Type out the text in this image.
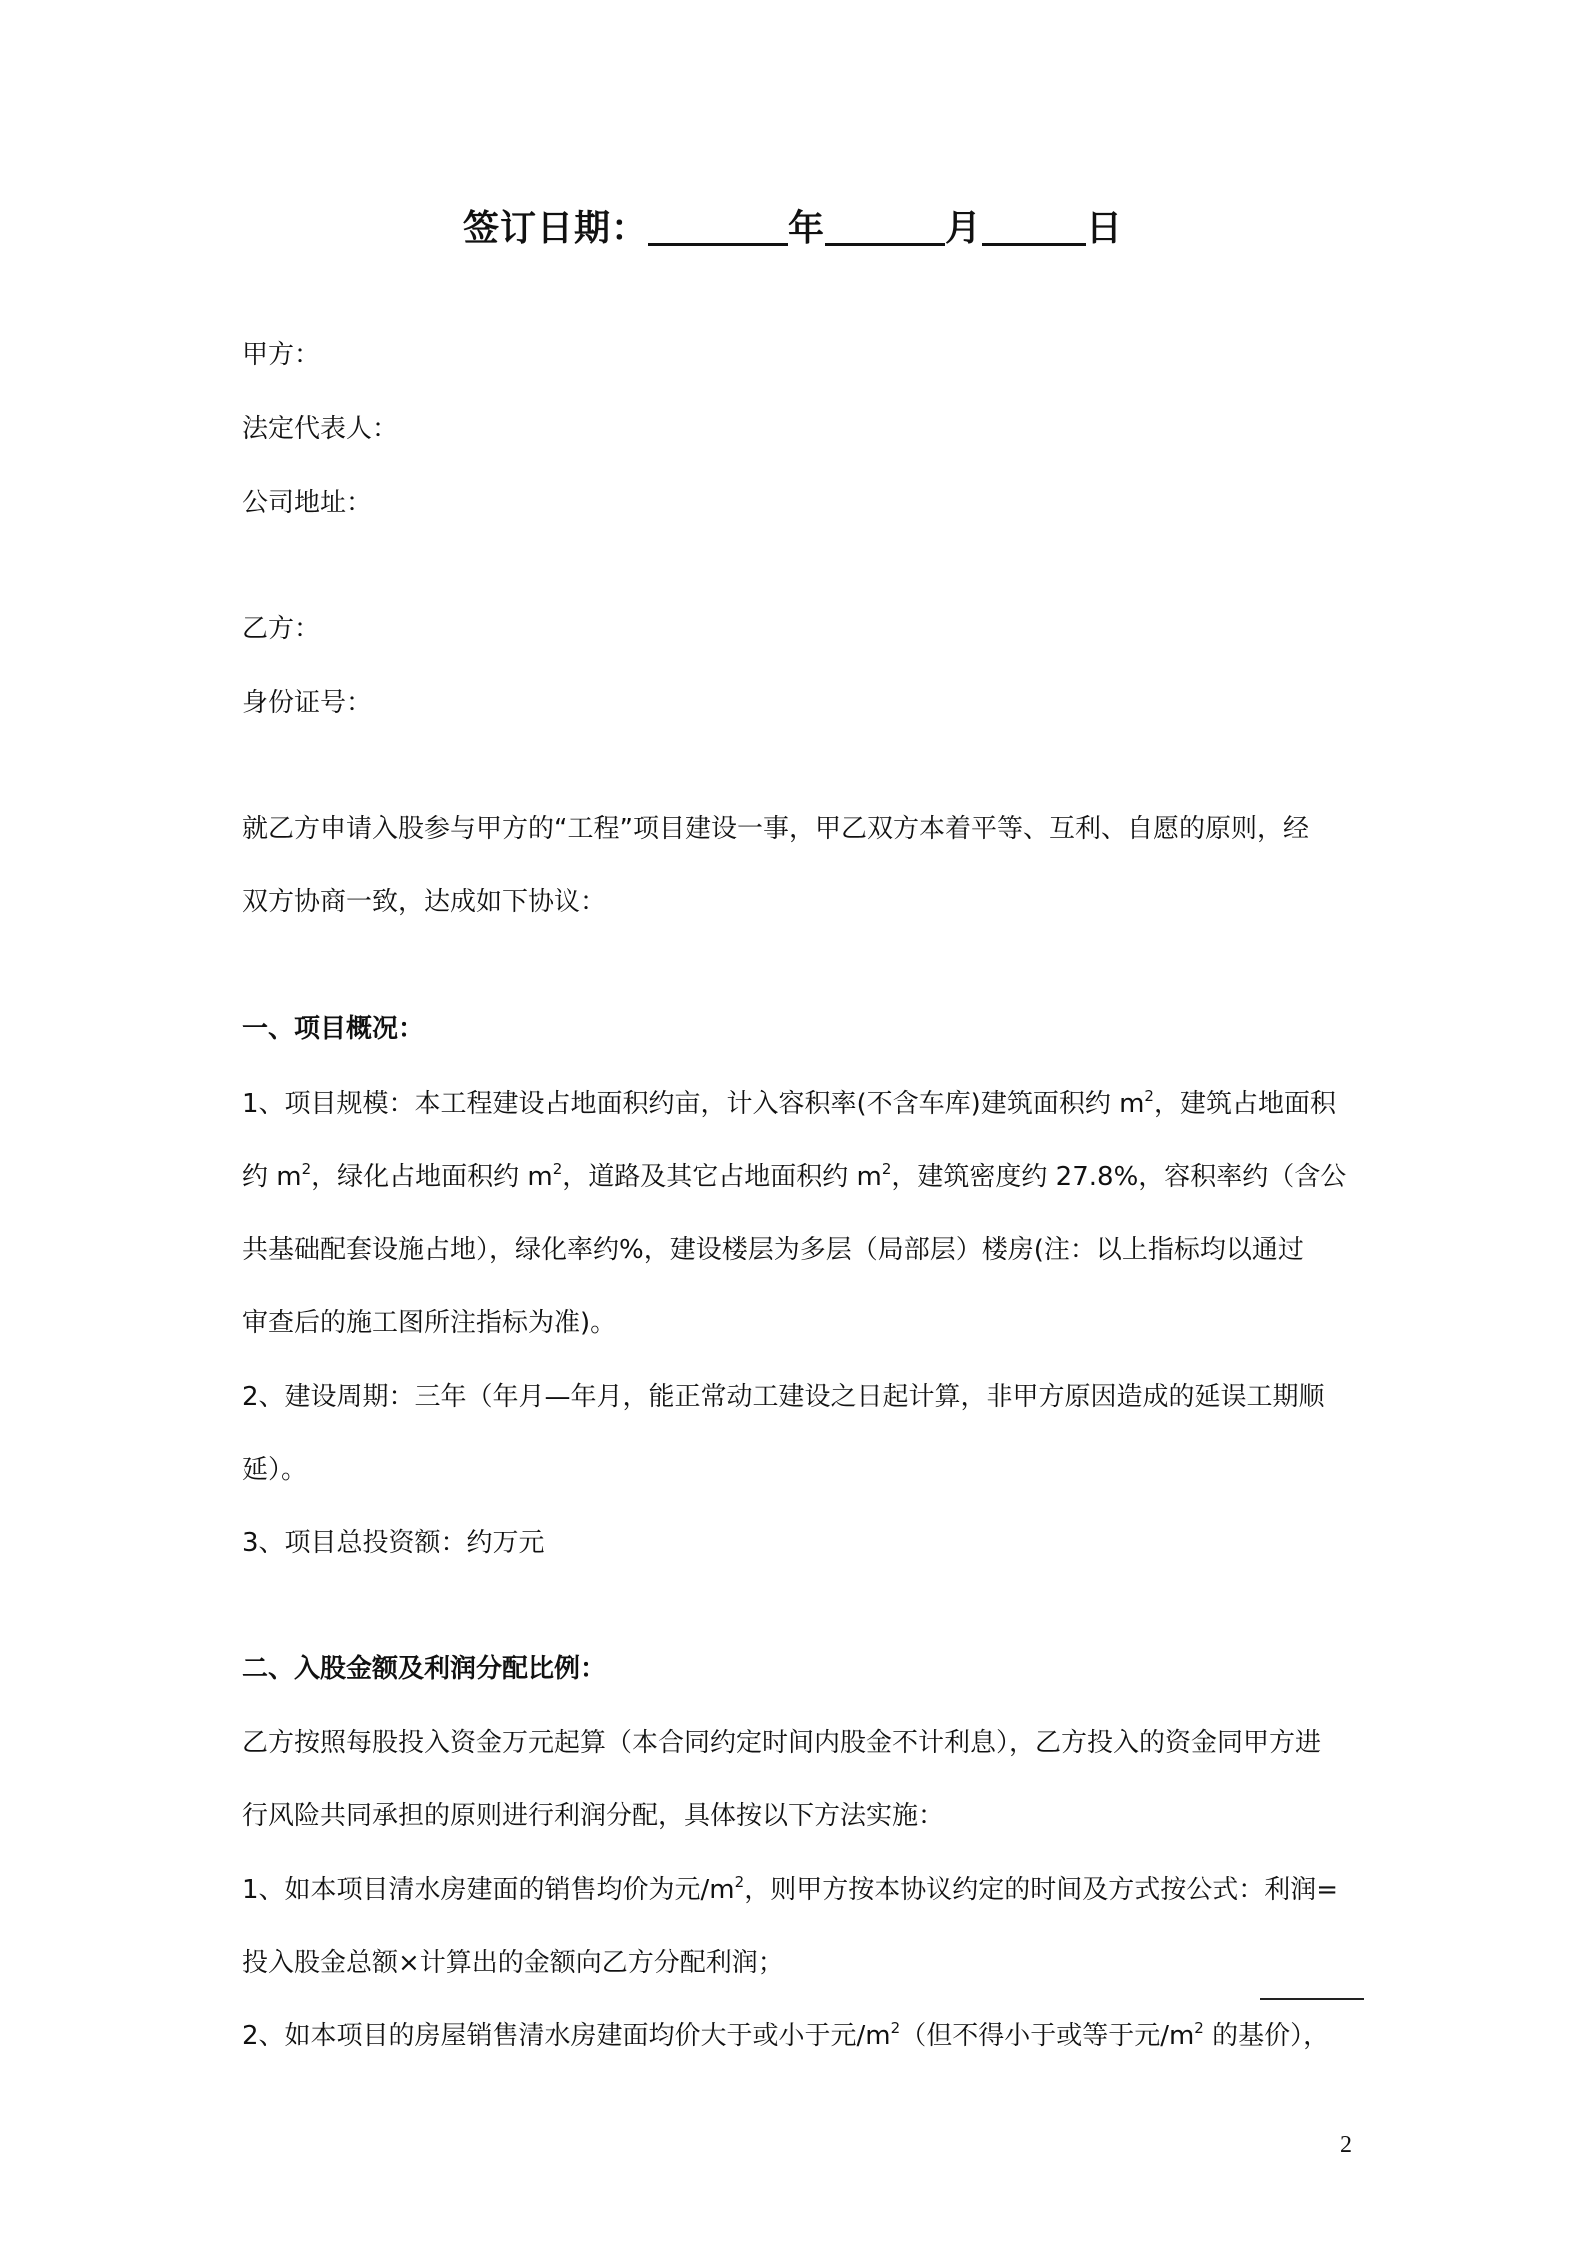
签订日期：	年	月	日
甲方：
法定代表人：
公司地址：
乙方：
身份证号：
就乙方申请入股参与甲方的“工程”项目建设一事，甲乙双方本着平等、互利、自愿的原则，经
双方协商一致，达成如下协议：
一、项目概况：
1、项目规模：本工程建设占地面积约亩，计入容积率(不含车库)建筑面积约 $m^2$，建筑占地面积
约 $m^2$，绿化占地面积约 $m^2$，道路及其它占地面积约 $m^2$，建筑密度约 27.8%，容积率约（含公
共基础配套设施占地），绿化率约%，建设楼层为多层（局部层）楼房(注：以上指标均以通过
审查后的施工图所注指标为准)。
2、建设周期：三年（年月—年月，能正常动工建设之日起计算，非甲方原因造成的延误工期顺
延）。
3、项目总投资额：约万元
二、入股金额及利润分配比例：
乙方按照每股投入资金万元起算（本合同约定时间内股金不计利息），乙方投入的资金同甲方进
行风险共同承担的原则进行利润分配，具体按以下方法实施：
1、如本项目清水房建面的销售均价为元$/m^2$，则甲方按本协议约定的时间及方式按公式：利润=
投入股金总额×计算出的金额向乙方分配利润；
2、如本项目的房屋销售清水房建面均价大于或小于元$/m^2$（但不得小于或等于元$/m^2$ 的基价），
2
